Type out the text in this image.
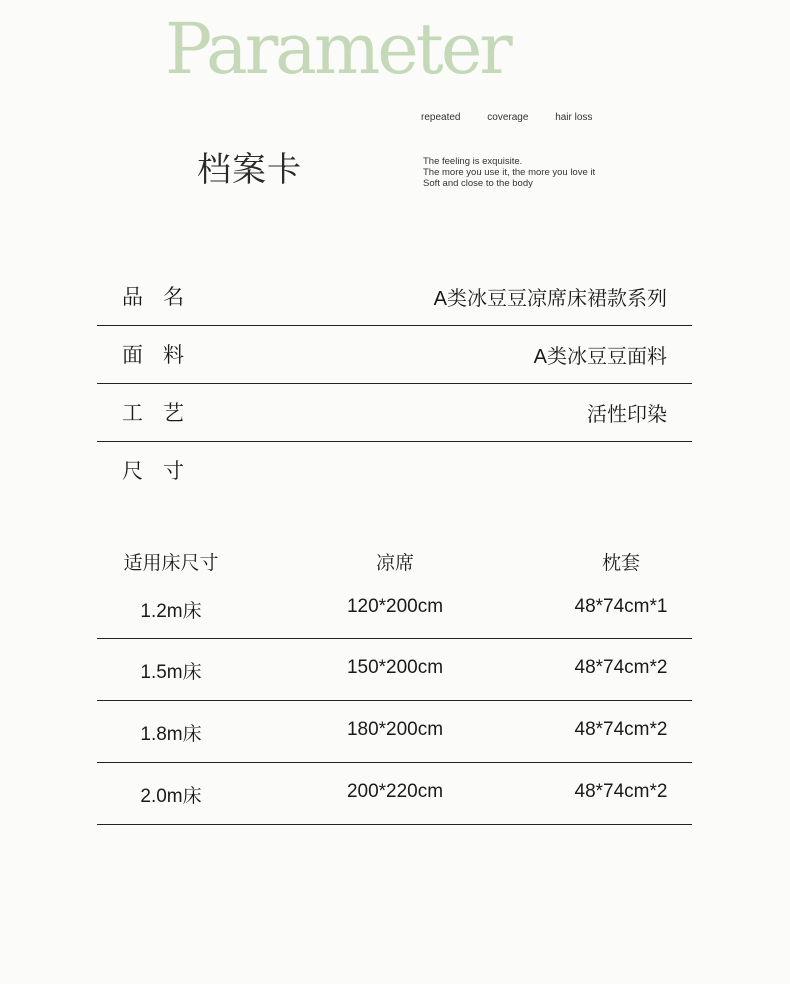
Parameter
repeated	coverage	hair loss
档案卡	The feeling is exquisite.
The more you use it, the more you love it
Soft and close to the body
品名	A类冰豆豆凉席床裙款系列
面料	A类冰豆豆面料
工艺	活性印染
尺寸
适用床尺寸	凉席	枕套
1.2m床	120*200cm	48*74cm*1
1.5m床	150*200cm	48*74cm*2
1.8m床	180*200cm	48*74cm*2
2.0m床	200*220cm	48*74cm*2
